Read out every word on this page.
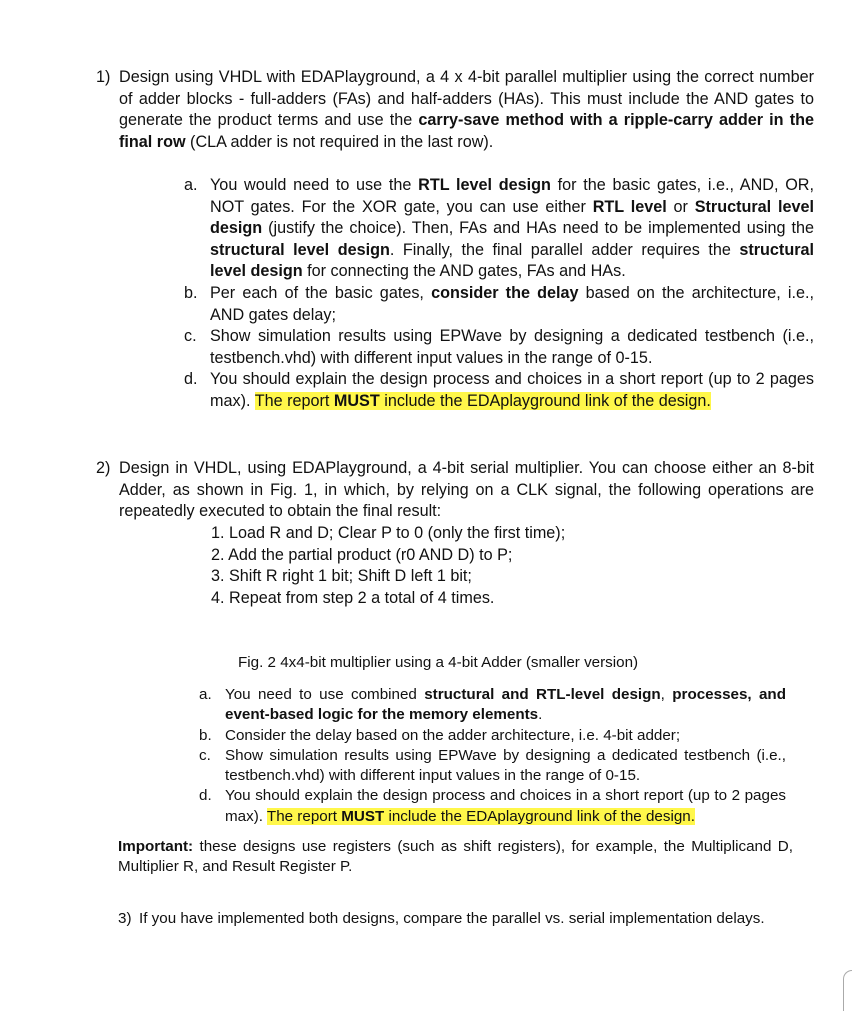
1) Design using VHDL with EDAPlayground, a 4 x 4-bit parallel multiplier using the correct number of adder blocks - full-adders (FAs) and half-adders (HAs). This must include the AND gates to generate the product terms and use the carry-save method with a ripple-carry adder in the final row (CLA adder is not required in the last row).
a. You would need to use the RTL level design for the basic gates, i.e., AND, OR, NOT gates. For the XOR gate, you can use either RTL level or Structural level design (justify the choice). Then, FAs and HAs need to be implemented using the structural level design. Finally, the final parallel adder requires the structural level design for connecting the AND gates, FAs and HAs.
b. Per each of the basic gates, consider the delay based on the architecture, i.e., AND gates delay;
c. Show simulation results using EPWave by designing a dedicated testbench (i.e., testbench.vhd) with different input values in the range of 0-15.
d. You should explain the design process and choices in a short report (up to 2 pages max). The report MUST include the EDAplayground link of the design.
2) Design in VHDL, using EDAPlayground, a 4-bit serial multiplier. You can choose either an 8-bit Adder, as shown in Fig. 1, in which, by relying on a CLK signal, the following operations are repeatedly executed to obtain the final result:
1. Load R and D; Clear P to 0 (only the first time);
2. Add the partial product (r0 AND D) to P;
3. Shift R right 1 bit; Shift D left 1 bit;
4. Repeat from step 2 a total of 4 times.
Fig. 2 4x4-bit multiplier using a 4-bit Adder (smaller version)
a. You need to use combined structural and RTL-level design, processes, and event-based logic for the memory elements.
b. Consider the delay based on the adder architecture, i.e. 4-bit adder;
c. Show simulation results using EPWave by designing a dedicated testbench (i.e., testbench.vhd) with different input values in the range of 0-15.
d. You should explain the design process and choices in a short report (up to 2 pages max). The report MUST include the EDAplayground link of the design.
Important: these designs use registers (such as shift registers), for example, the Multiplicand D, Multiplier R, and Result Register P.
3) If you have implemented both designs, compare the parallel vs. serial implementation delays.
